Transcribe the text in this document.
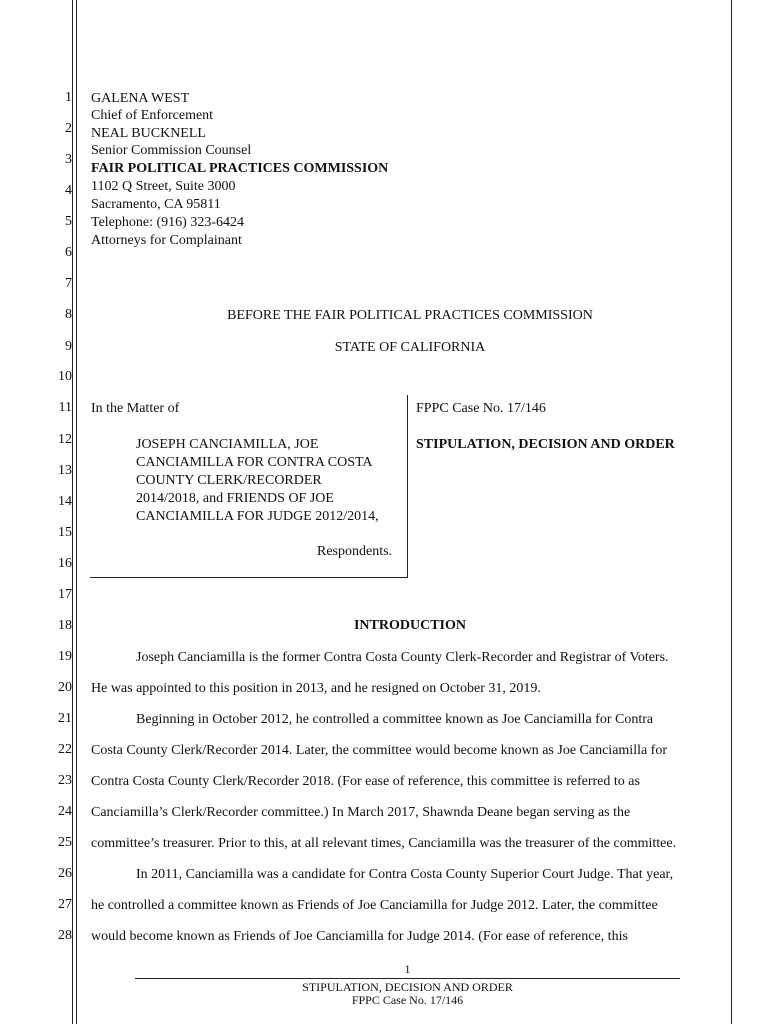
1
2
3
4
5
6
7
8
9
10
11
12
13
14
15
16
17
18
19
20
21
22
23
24
25
26
27
28
GALENA WEST
Chief of Enforcement
NEAL BUCKNELL
Senior Commission Counsel
FAIR POLITICAL PRACTICES COMMISSION
1102 Q Street, Suite 3000
Sacramento, CA 95811
Telephone: (916) 323-6424
Attorneys for Complainant
BEFORE THE FAIR POLITICAL PRACTICES COMMISSION
STATE OF CALIFORNIA
In the Matter of
JOSEPH CANCIAMILLA, JOE
CANCIAMILLA FOR CONTRA COSTA
COUNTY CLERK/RECORDER
2014/2018, and FRIENDS OF JOE
CANCIAMILLA FOR JUDGE 2012/2014,
Respondents.
FPPC Case No. 17/146
STIPULATION, DECISION AND ORDER
INTRODUCTION
Joseph Canciamilla is the former Contra Costa County Clerk-Recorder and Registrar of Voters.
He was appointed to this position in 2013, and he resigned on October 31, 2019.
Beginning in October 2012, he controlled a committee known as Joe Canciamilla for Contra
Costa County Clerk/Recorder 2014. Later, the committee would become known as Joe Canciamilla for
Contra Costa County Clerk/Recorder 2018. (For ease of reference, this committee is referred to as
Canciamilla’s Clerk/Recorder committee.) In March 2017, Shawnda Deane began serving as the
committee’s treasurer. Prior to this, at all relevant times, Canciamilla was the treasurer of the committee.
In 2011, Canciamilla was a candidate for Contra Costa County Superior Court Judge. That year,
he controlled a committee known as Friends of Joe Canciamilla for Judge 2012. Later, the committee
would become known as Friends of Joe Canciamilla for Judge 2014. (For ease of reference, this
1
STIPULATION, DECISION AND ORDER
FPPC Case No. 17/146
